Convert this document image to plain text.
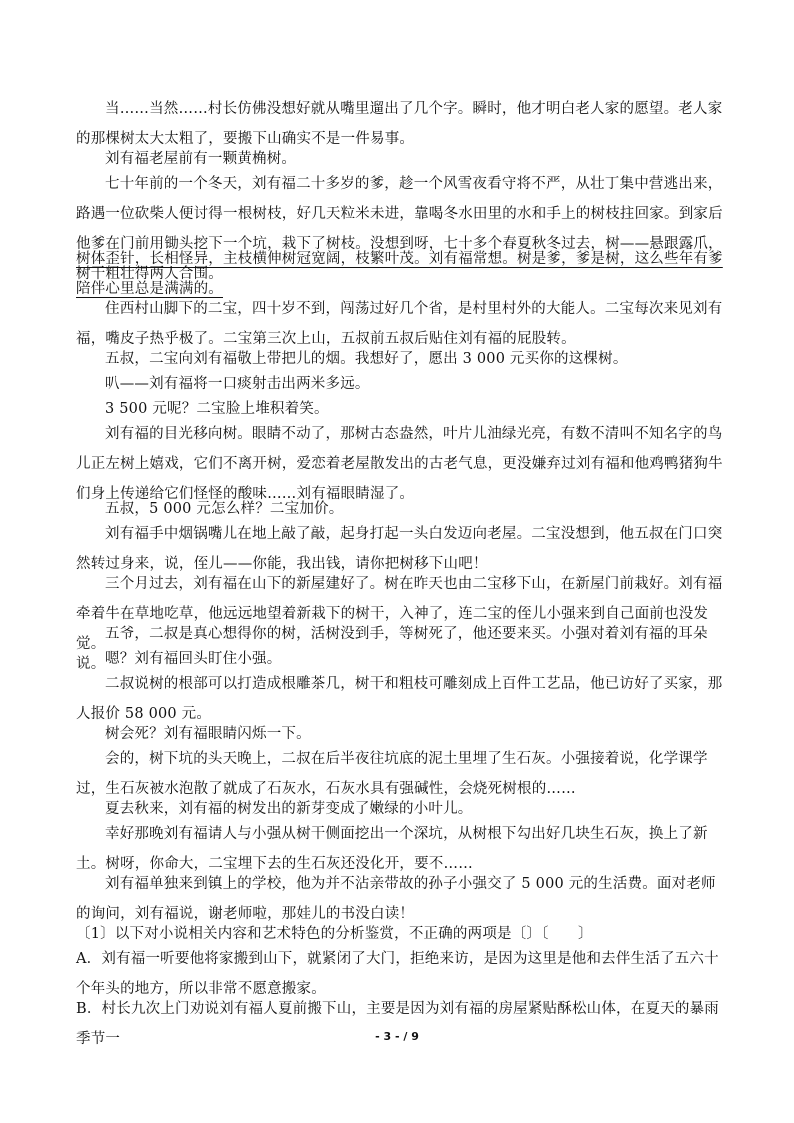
当……当然……村长仿佛没想好就从嘴里遛出了几个字。瞬时，他才明白老人家的愿望。老人家的那棵树太大太粗了，要搬下山确实不是一件易事。

刘有福老屋前有一颗黄桷树。

七十年前的一个冬天，刘有福二十多岁的爹，趁一个风雪夜看守将不严，从壮丁集中营逃出来，路遇一位砍柴人便讨得一根树枝，好几天粒米未进，靠喝冬水田里的水和手上的树枝拄回家。到家后他爹在门前用锄头挖下一个坑，栽下了树枝。没想到呀，七十多个春夏秋冬过去，树——悬跟露爪，树干粗壮得两人合围。

树体歪针，长相怪异，主枝横伸树冠宽阔，枝繁叶茂。刘有福常想。树是爹，爹是树，这么些年有爹陪伴心里总是满满的。

住西村山脚下的二宝，四十岁不到，闯荡过好几个省，是村里村外的大能人。二宝每次来见刘有福，嘴皮子热乎极了。二宝第三次上山，五叔前五叔后贴住刘有福的屁股转。

五叔，二宝向刘有福敬上带把儿的烟。我想好了，愿出 3 000 元买你的这棵树。

叭——刘有福将一口痰射击出两米多远。

3 500 元呢？二宝脸上堆积着笑。

刘有福的目光移向树。眼睛不动了，那树古态盎然，叶片儿油绿光亮，有数不清叫不知名字的鸟儿正左树上嬉戏，它们不离开树，爱恋着老屋散发出的古老气息，更没嫌弃过刘有福和他鸡鸭猪狗牛们身上传递给它们怪怪的酸味……刘有福眼睛湿了。

五叔，5 000 元怎么样？二宝加价。

刘有福手中烟锅嘴儿在地上敲了敲，起身打起一头白发迈向老屋。二宝没想到，他五叔在门口突然转过身来，说，侄儿——你能，我出钱，请你把树移下山吧！

三个月过去，刘有福在山下的新屋建好了。树在昨天也由二宝移下山，在新屋门前栽好。刘有福牵着牛在草地吃草，他远远地望着新栽下的树干，入神了，连二宝的侄儿小强来到自己面前也没发觉。

五爷，二叔是真心想得你的树，活树没到手，等树死了，他还要来买。小强对着刘有福的耳朵说。 嗯？刘有福回头盯住小强。

二叔说树的根部可以打造成根雕茶几，树干和粗枝可雕刻成上百件工艺品，他已访好了买家，那人报价 58 000 元。

树会死？刘有福眼睛闪烁一下。

会的，树下坑的头天晚上，二叔在后半夜往坑底的泥土里埋了生石灰。小强接着说，化学课学过，生石灰被水泡散了就成了石灰水，石灰水具有强碱性，会烧死树根的……

夏去秋来，刘有福的树发出的新芽变成了嫩绿的小叶儿。

幸好那晚刘有福请人与小强从树干侧面挖出一个深坑，从树根下勾出好几块生石灰，换上了新土。树呀，你命大，二宝埋下去的生石灰还没化开，要不……

刘有福单独来到镇上的学校，他为并不沾亲带故的孙子小强交了 5 000 元的生活费。面对老师的询问，刘有福说，谢老师啦，那娃儿的书没白读！

〔1〕以下对小说相关内容和艺术特色的分析鉴赏，不正确的两项是〔〕〔　　〕

A．刘有福一听要他将家搬到山下，就紧闭了大门，拒绝来访，是因为这里是他和去伴生活了五六十个年头的地方，所以非常不愿意搬家。

B．村长九次上门劝说刘有福人夏前搬下山，主要是因为刘有福的房屋紧贴酥松山体，在夏天的暴雨季节一	- 3 - / 9
